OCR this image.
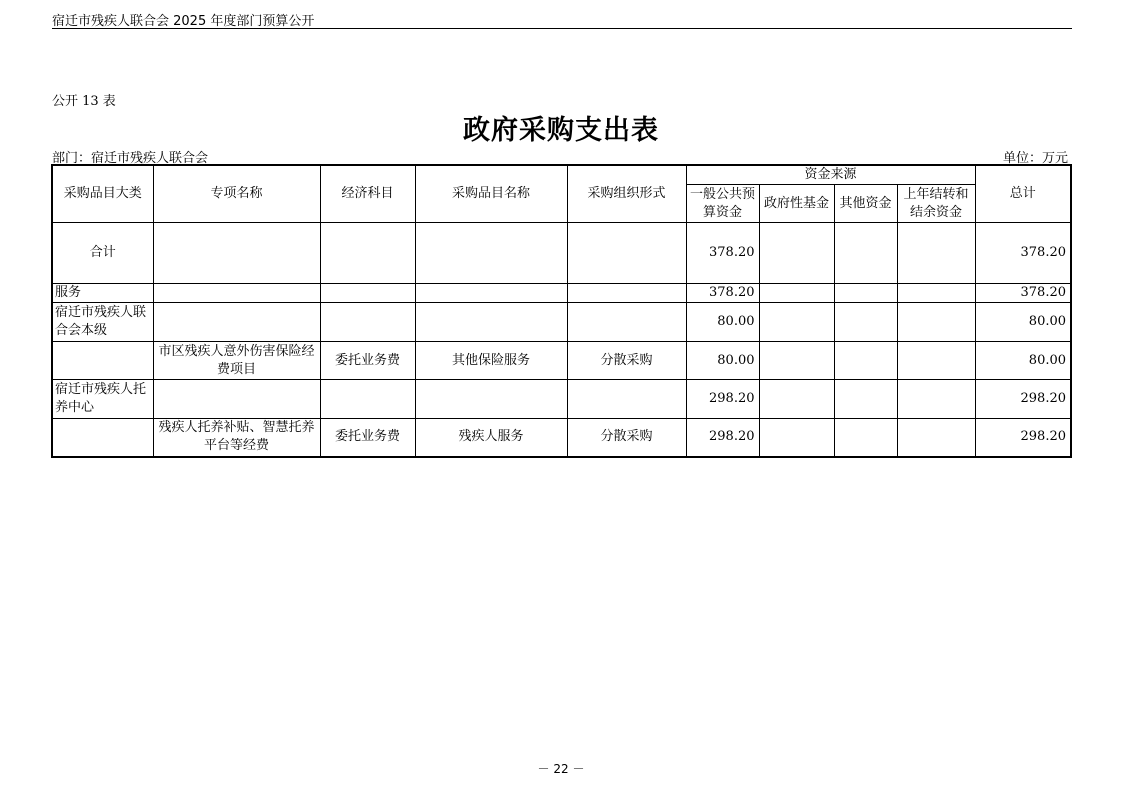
宿迁市残疾人联合会 2025 年度部门预算公开
公开 13 表
政府采购支出表
部门：宿迁市残疾人联合会	单位：万元
采购品目大类	专项名称	经济科目	采购品目名称	采购组织形式	资金来源				总计
					一般公共预算资金	政府性基金	其他资金	上年结转和结余资金	
合计					378.20				378.20
服务					378.20				378.20
宿迁市残疾人联合会本级					80.00				80.00
	市区残疾人意外伤害保险经费项目	委托业务费	其他保险服务	分散采购	80.00				80.00
宿迁市残疾人托养中心					298.20				298.20
	残疾人托养补贴、智慧托养平台等经费	委托业务费	残疾人服务	分散采购	298.20				298.20
－ 22 －
